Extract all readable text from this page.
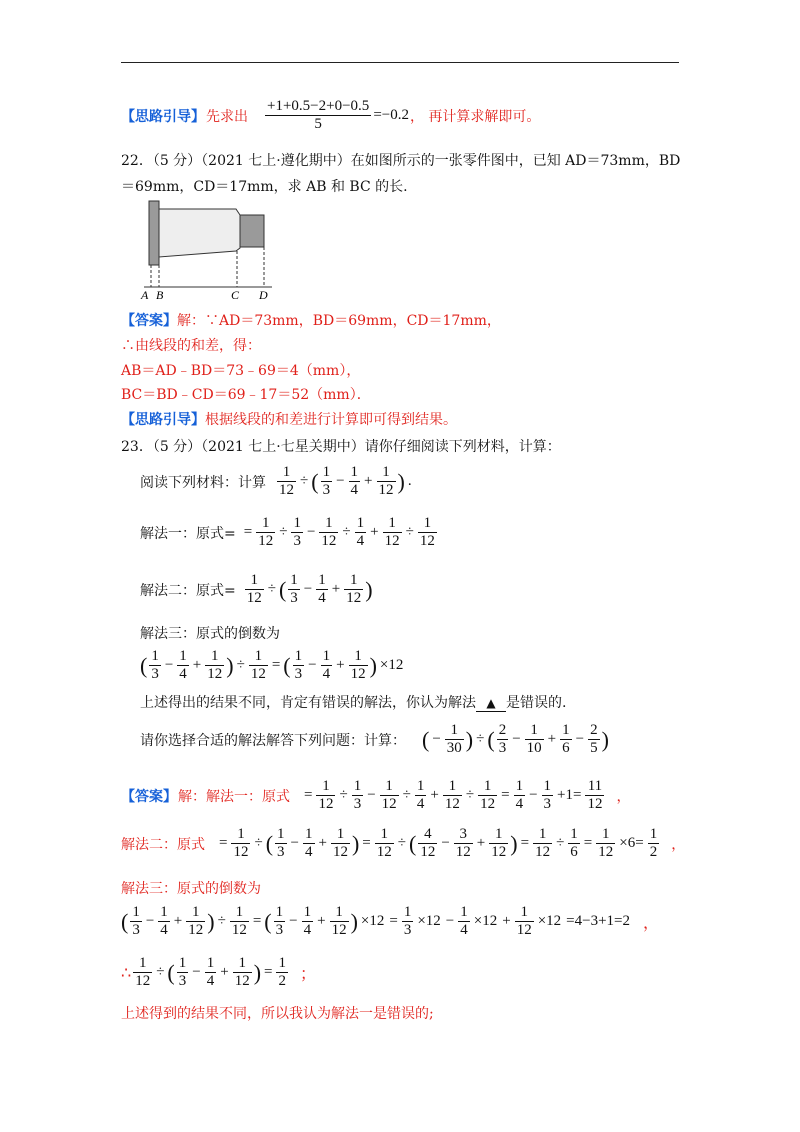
【思路引导】 先求出 $\frac{+1+0.5-2+0-0.5}{5} =-0.2$ ， 再计算求解即可。
22．（5 分）（2021 七上·遵化期中）在如图所示的一张零件图中，已知 AD＝73mm，BD
＝69mm，CD＝17mm，求 AB 和 BC 的长.
A B	C D
【答案】解：∵AD＝73mm，BD＝69mm，CD＝17mm，
∴由线段的和差，得：
AB＝AD﹣BD＝73﹣69＝4（mm），
BC＝BD﹣CD＝69﹣17＝52（mm）．
【思路引导】根据线段的和差进行计算即可得到结果。
23．（5 分）（2021 七上·七星关期中）请你仔细阅读下列材料，计算：
阅读下列材料：计算 $\frac{1}{12}$ ÷ ( $\frac{1}{3} - \frac{1}{4} + \frac{1}{12}$ ) .
解法一：原式= = $\frac{1}{12} \div \frac{1}{3} - \frac{1}{12} \div \frac{1}{4} + \frac{1}{12} \div \frac{1}{12}$
解法二：原式= $\frac{1}{12}$ ÷ ( $\frac{1}{3} - \frac{1}{4} + \frac{1}{12}$ )
解法三：原式的倒数为
( $\frac{1}{3} - \frac{1}{4} + \frac{1}{12}$ ) ÷ $\frac{1}{12}$ = ( $\frac{1}{3} - \frac{1}{4} + \frac{1}{12}$ ) ×12
上述得出的结果不同，肯定有错误的解法，你认为解法 ▲ 是错误的.
请你选择合适的解法解答下列问题：计算： ( − $\frac{1}{30}$ ) ÷ ( $\frac{2}{3} - \frac{1}{10} + \frac{1}{6} - \frac{2}{5}$ )
【答案】 解：解法一：原式 = $\frac{1}{12} \div \frac{1}{3} - \frac{1}{12} \div \frac{1}{4} + \frac{1}{12} \div \frac{1}{12} = \frac{1}{4} - \frac{1}{3} +1= \frac{11}{12}$ ，
解法二：原式 = $\frac{1}{12}$ ÷ ( $\frac{1}{3} - \frac{1}{4} + \frac{1}{12}$ ) = $\frac{1}{12}$ ÷ ( $\frac{4}{12} - \frac{3}{12} + \frac{1}{12}$ ) = $\frac{1}{12} \div \frac{1}{6} = \frac{1}{12} \times 6= \frac{1}{2}$ ，
解法三：原式的倒数为
( $\frac{1}{3} - \frac{1}{4} + \frac{1}{12}$ ) ÷ $\frac{1}{12}$ = ( $\frac{1}{3} - \frac{1}{4} + \frac{1}{12}$ ) $\times 12 = \frac{1}{3} \times 12 - \frac{1}{4} \times 12 + \frac{1}{12} \times 12 =4-3+1=2$ ，
∴ $\frac{1}{12}$ ÷ ( $\frac{1}{3} - \frac{1}{4} + \frac{1}{12}$ ) = $\frac{1}{2}$ ；
上述得到的结果不同，所以我认为解法一是错误的;
